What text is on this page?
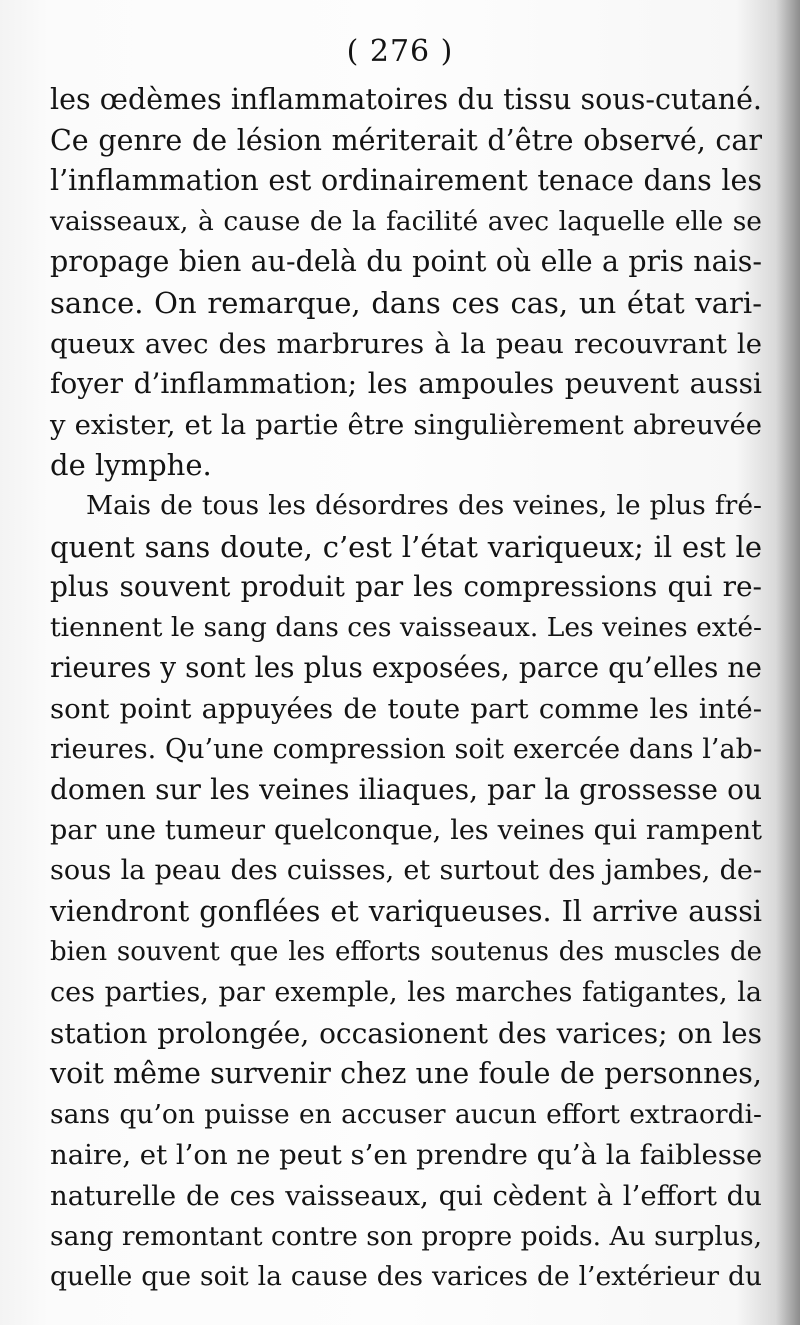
( 276 )
les œdèmes inflammatoires du tissu sous-cutané.
Ce genre de lésion mériterait d’être observé, car
l’inflammation est ordinairement tenace dans les
vaisseaux, à cause de la facilité avec laquelle elle se
propage bien au-delà du point où elle a pris nais-
sance. On remarque, dans ces cas, un état vari-
queux avec des marbrures à la peau recouvrant le
foyer d’inflammation; les ampoules peuvent aussi
y exister, et la partie être singulièrement abreuvée
de lymphe.
Mais de tous les désordres des veines, le plus fré-
quent sans doute, c’est l’état variqueux; il est le
plus souvent produit par les compressions qui re-
tiennent le sang dans ces vaisseaux. Les veines exté-
rieures y sont les plus exposées, parce qu’elles ne
sont point appuyées de toute part comme les inté-
rieures. Qu’une compression soit exercée dans l’ab-
domen sur les veines iliaques, par la grossesse ou
par une tumeur quelconque, les veines qui rampent
sous la peau des cuisses, et surtout des jambes, de-
viendront gonflées et variqueuses. Il arrive aussi
bien souvent que les efforts soutenus des muscles de
ces parties, par exemple, les marches fatigantes, la
station prolongée, occasionent des varices; on les
voit même survenir chez une foule de personnes,
sans qu’on puisse en accuser aucun effort extraordi-
naire, et l’on ne peut s’en prendre qu’à la faiblesse
naturelle de ces vaisseaux, qui cèdent à l’effort du
sang remontant contre son propre poids. Au surplus,
quelle que soit la cause des varices de l’extérieur du
